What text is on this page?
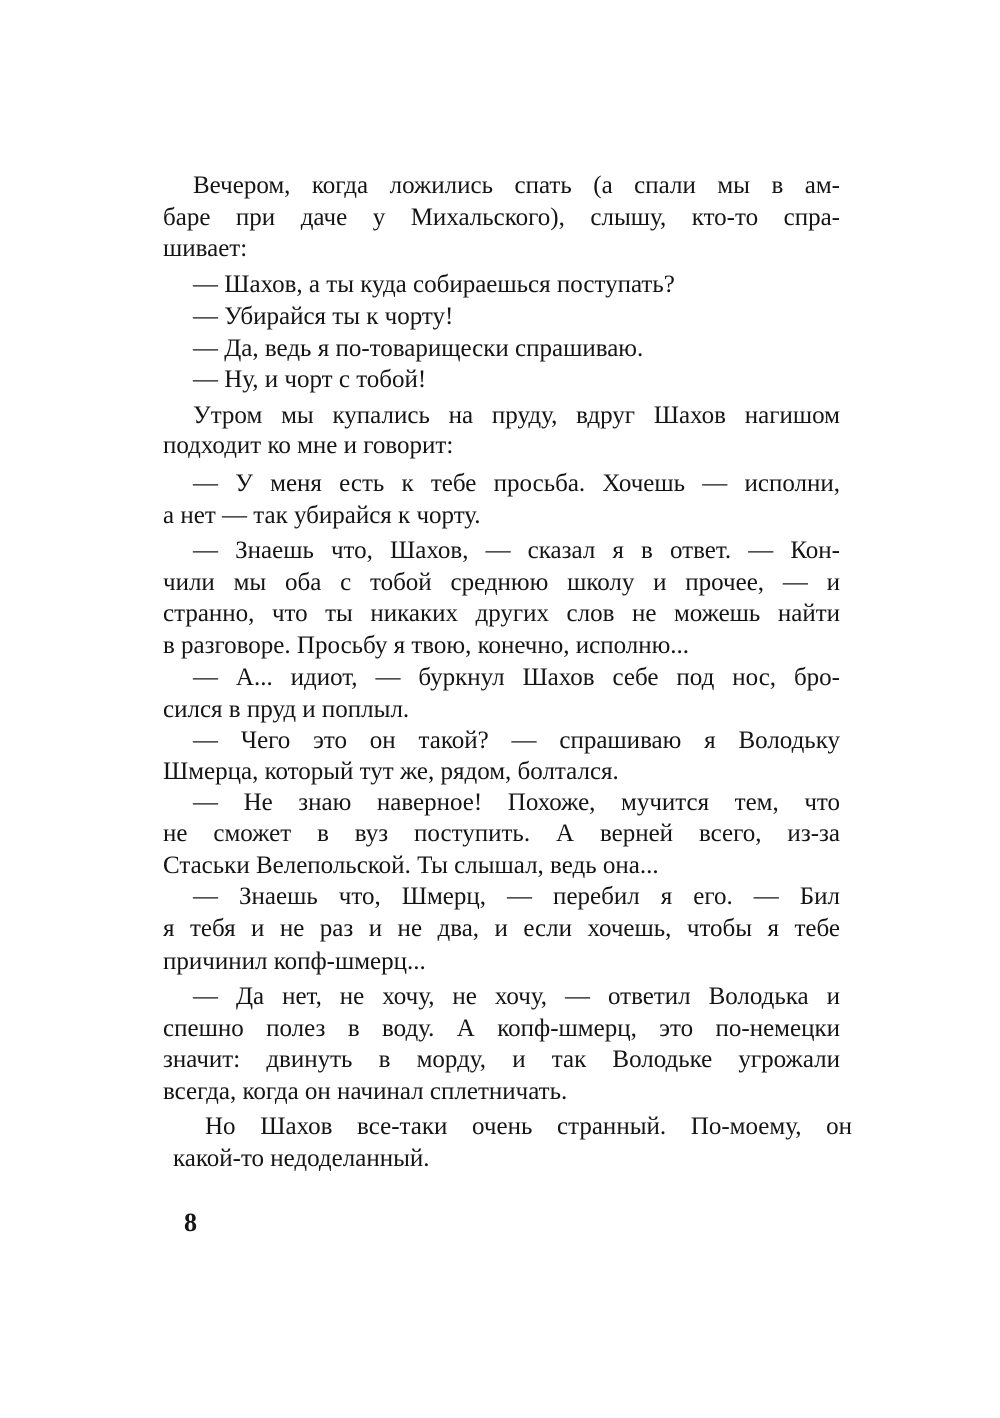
Вечером, когда ложились спать (а спали мы в ам-
баре при даче у Михальского), слышу, кто-то спра-
шивает:
— Шахов, а ты куда собираешься поступать?
— Убирайся ты к чорту!
— Да, ведь я по-товарищески спрашиваю.
— Ну, и чорт с тобой!
Утром мы купались на пруду, вдруг Шахов нагишом
подходит ко мне и говорит:
— У меня есть к тебе просьба. Хочешь — исполни,
а нет — так убирайся к чорту.
— Знаешь что, Шахов, — сказал я в ответ. — Кон-
чили мы оба с тобой среднюю школу и прочее, — и
странно, что ты никаких других слов не можешь найти
в разговоре. Просьбу я твою, конечно, исполню...
— А... идиот, — буркнул Шахов себе под нос, бро-
сился в пруд и поплыл.
— Чего это он такой? — спрашиваю я Володьку
Шмерца, который тут же, рядом, болтался.
— Не знаю наверное! Похоже, мучится тем, что
не сможет в вуз поступить. А верней всего, из-за
Стаськи Велепольской. Ты слышал, ведь она...
— Знаешь что, Шмерц, — перебил я его. — Бил
я тебя и не раз и не два, и если хочешь, чтобы я тебе
причинил копф-шмерц...
— Да нет, не хочу, не хочу, — ответил Володька и
спешно полез в воду. А копф-шмерц, это по-немецки
значит: двинуть в морду, и так Володьке угрожали
всегда, когда он начинал сплетничать.
Но Шахов все-таки очень странный. По-моему, он
какой-то недоделанный.
8
